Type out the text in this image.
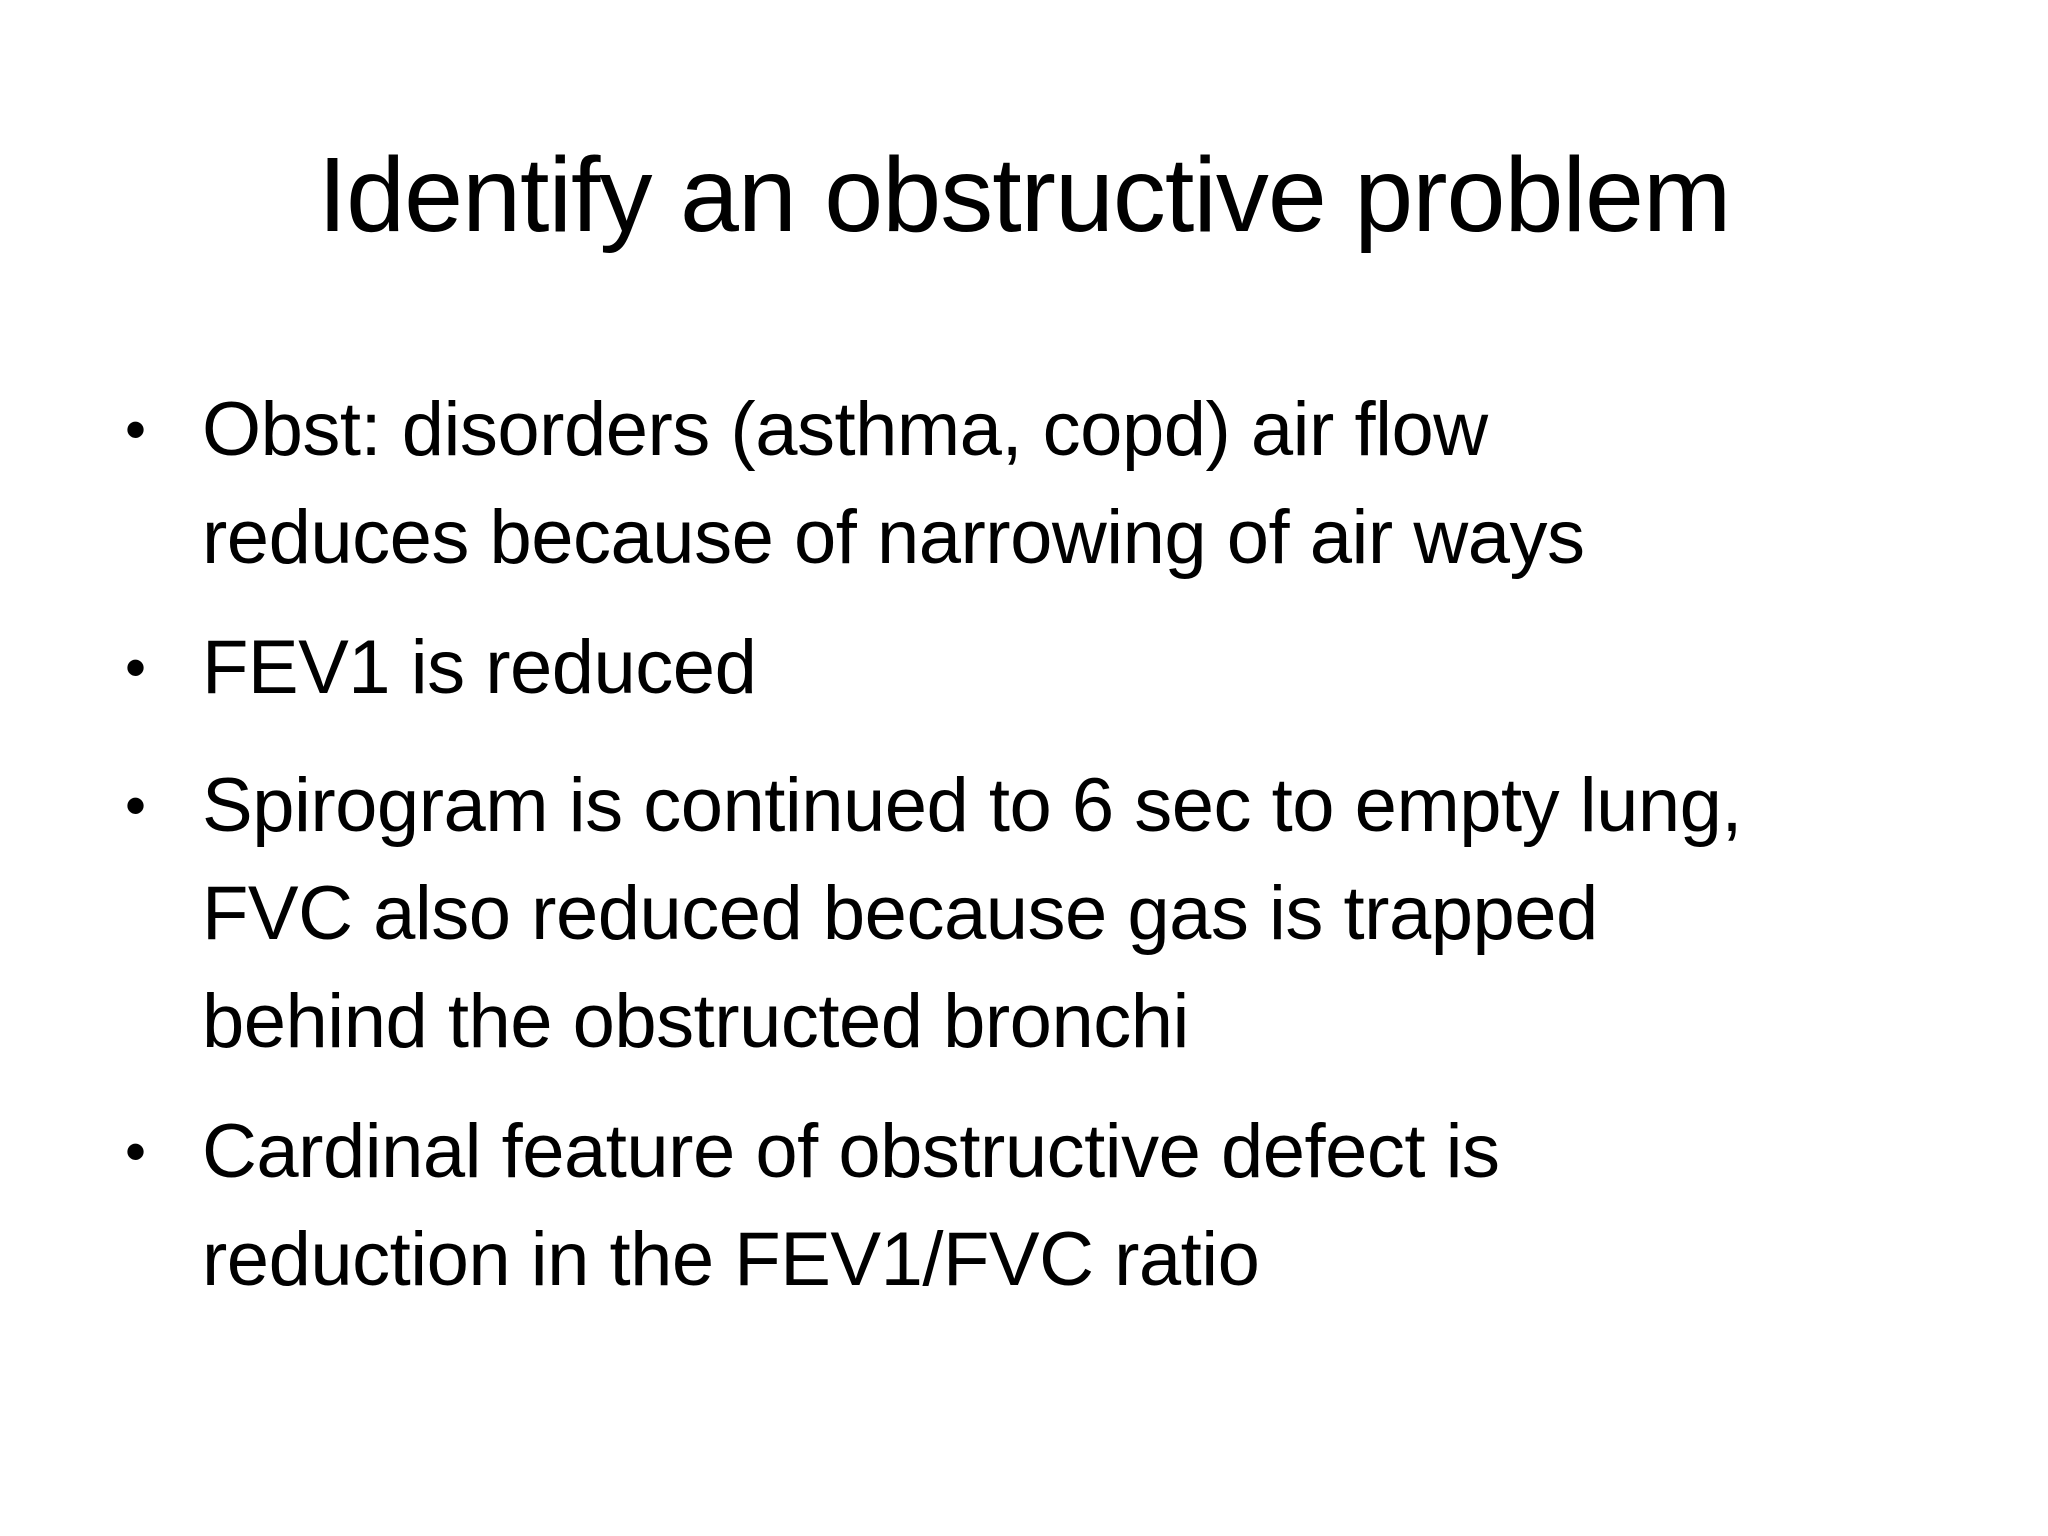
Identify an obstructive problem
• Obst: disorders (asthma, copd) air flow
reduces because of narrowing of air ways
• FEV1 is reduced
• Spirogram is continued to 6 sec to empty lung,
FVC also reduced because gas is trapped
behind the obstructed bronchi
• Cardinal feature of obstructive defect is
reduction in the FEV1/FVC ratio
